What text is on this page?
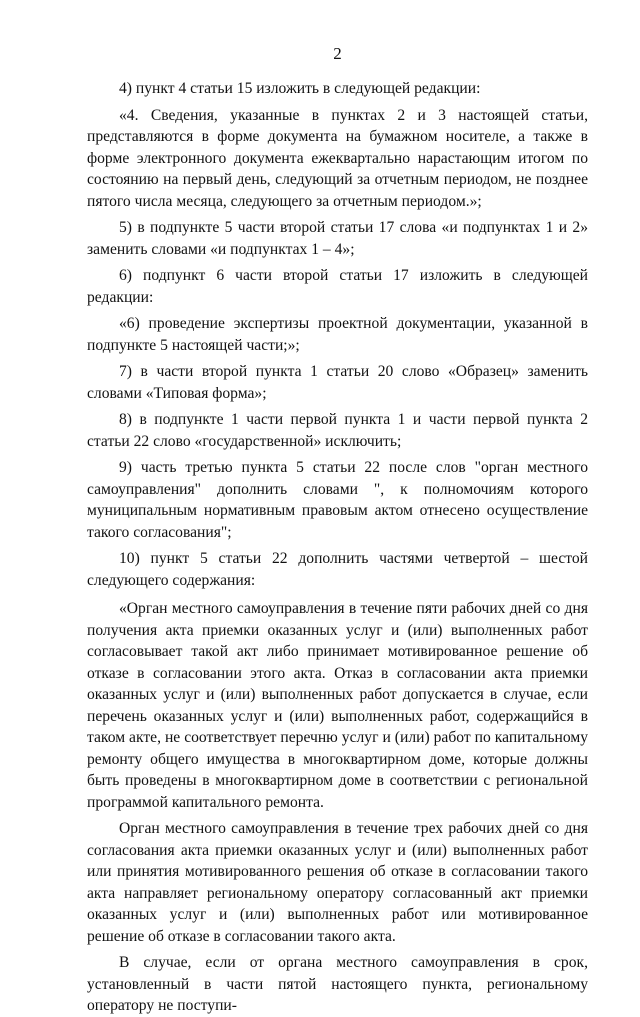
2

4) пункт 4 статьи 15 изложить в следующей редакции:

«4. Сведения, указанные в пунктах 2 и 3 настоящей статьи, представляются в форме документа на бумажном носителе, а также в форме электронного документа ежеквартально нарастающим итогом по состоянию на первый день, следующий за отчетным периодом, не позднее пятого числа месяца, следующего за отчетным периодом.»;

5) в подпункте 5 части второй статьи 17 слова «и подпунктах 1 и 2» заменить словами «и подпунктах 1 – 4»;

6) подпункт 6 части второй статьи 17 изложить в следующей редакции:

«6) проведение экспертизы проектной документации, указанной в подпункте 5 настоящей части;»;

7) в части второй пункта 1 статьи 20 слово «Образец» заменить словами «Типовая форма»;

8) в подпункте 1 части первой пункта 1 и части первой пункта 2 статьи 22 слово «государственной» исключить;

9) часть третью пункта 5 статьи 22 после слов "орган местного самоуправления" дополнить словами ", к полномочиям которого муниципальным нормативным правовым актом отнесено осуществление такого согласования";

10) пункт 5 статьи 22 дополнить частями четвертой – шестой следующего содержания:

«Орган местного самоуправления в течение пяти рабочих дней со дня получения акта приемки оказанных услуг и (или) выполненных работ согласовывает такой акт либо принимает мотивированное решение об отказе в согласовании этого акта. Отказ в согласовании акта приемки оказанных услуг и (или) выполненных работ допускается в случае, если перечень оказанных услуг и (или) выполненных работ, содержащийся в таком акте, не соответствует перечню услуг и (или) работ по капитальному ремонту общего имущества в многоквартирном доме, которые должны быть проведены в многоквартирном доме в соответствии с региональной программой капитального ремонта.

Орган местного самоуправления в течение трех рабочих дней со дня согласования акта приемки оказанных услуг и (или) выполненных работ или принятия мотивированного решения об отказе в согласовании такого акта направляет региональному оператору согласованный акт приемки оказанных услуг и (или) выполненных работ или мотивированное решение об отказе в согласовании такого акта.

В случае, если от органа местного самоуправления в срок, установленный в части пятой настоящего пункта, региональному оператору не поступи-
